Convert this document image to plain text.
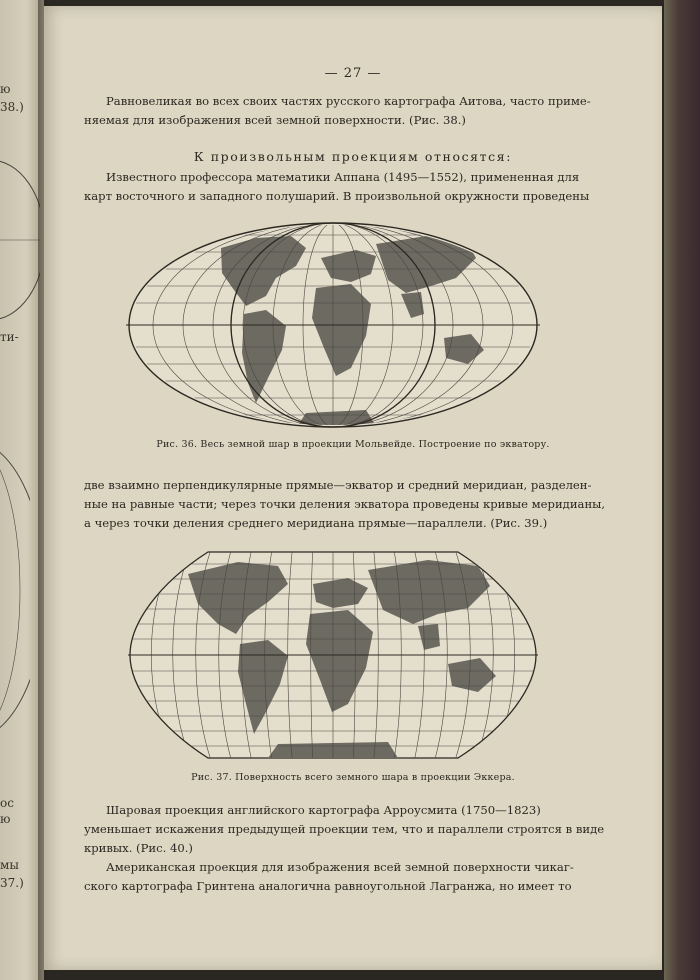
ю
38.)
ти-
ос
ю
мы
37.)
— 27 —
Равновеликая во всех своих частях русского картографа Аитова, часто приме-
няемая для изображения всей земной поверхности. (Рис. 38.)
К произвольным проекциям относятся:
Известного профессора математики Аппана (1495—1552), примененная для
карт восточного и западного полушарий. В произвольной окружности проведены
Рис. 36. Весь земной шар в проекции Мольвейде. Построение по экватору.
две взаимно перпендикулярные прямые—экватор и средний меридиан, разделен-
ные на равные части; через точки деления экватора проведены кривые меридианы,
а через точки деления среднего меридиана прямые—параллели. (Рис. 39.)
Рис. 37. Поверхность всего земного шара в проекции Эккера.
Шаровая проекция английского картографа Арроусмита (1750—1823)
уменьшает искажения предыдущей проекции тем, что и параллели строятся в виде
кривых. (Рис. 40.)
Американская проекция для изображения всей земной поверхности чикаг-
ского картографа Гринтена аналогична равноугольной Лагранжа, но имеет то
